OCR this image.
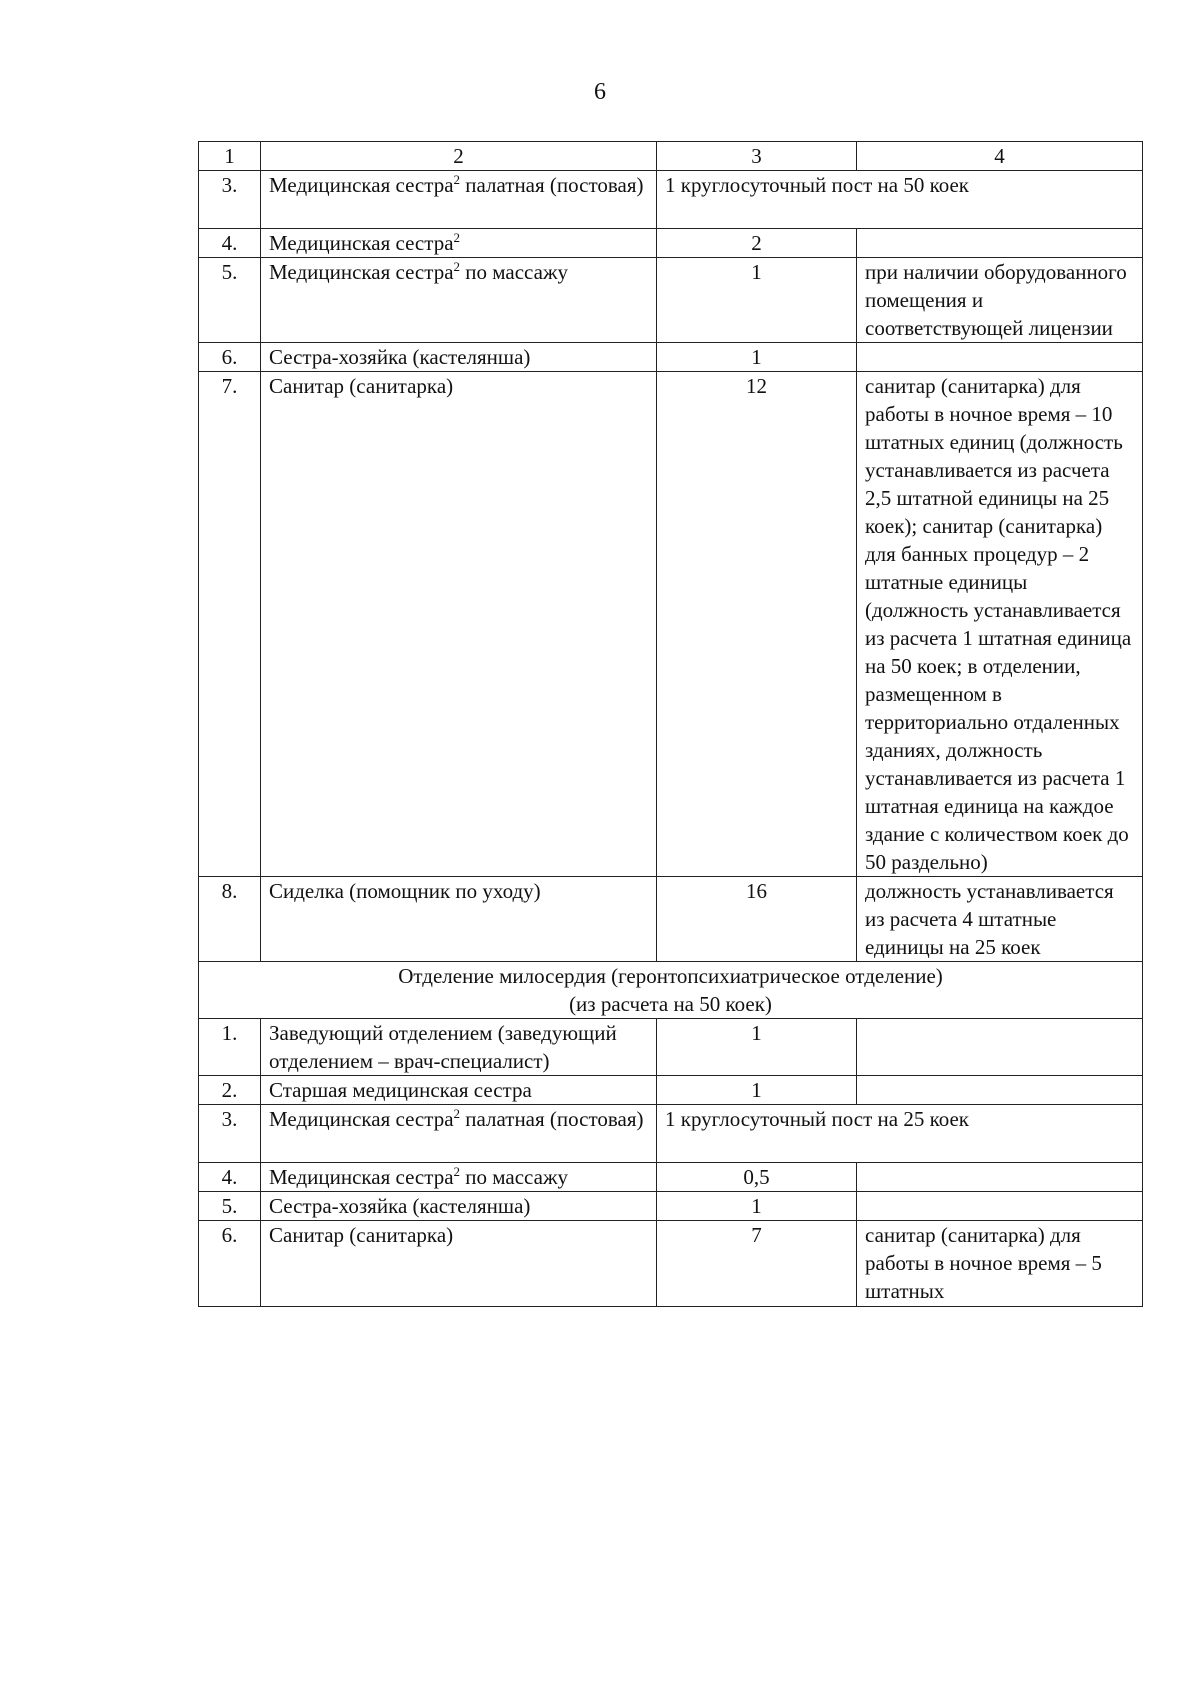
6
1	2	3	4
3.	Медицинская сестра$^2$ палатная (постовая)	1 круглосуточный пост на 50 коек	
4.	Медицинская сестра$^2$	2	
5.	Медицинская сестра$^2$ по массажу	1	при наличии оборудованного помещения и соответствующей лицензии
6.	Сестра-хозяйка (кастелянша)	1	
7.	Санитар (санитарка)	12	санитар (санитарка) для работы в ночное время – 10 штатных единиц (должность устанавливается из расчета 2,5 штатной единицы на 25 коек); санитар (санитарка) для банных процедур – 2 штатные единицы (должность устанавливается из расчета 1 штатная единица на 50 коек; в отделении, размещенном в территориально отдаленных зданиях, должность устанавливается из расчета 1 штатная единица на каждое здание с количеством коек до 50 раздельно)
8.	Сиделка (помощник по уходу)	16	должность устанавливается из расчета 4 штатные единицы на 25 коек

Отделение милосердия (геронтопсихиатрическое отделение)
(из расчета на 50 коек)			

1.	Заведующий отделением (заведующий отделением – врач-специалист)	1	
2.	Старшая медицинская сестра	1	
3.	Медицинская сестра$^2$ палатная (постовая)	1 круглосуточный пост на 25 коек	
4.	Медицинская сестра$^2$ по массажу	0,5	
5.	Сестра-хозяйка (кастелянша)	1	
6.	Санитар (санитарка)	7	санитар (санитарка) для работы в ночное время – 5 штатных
